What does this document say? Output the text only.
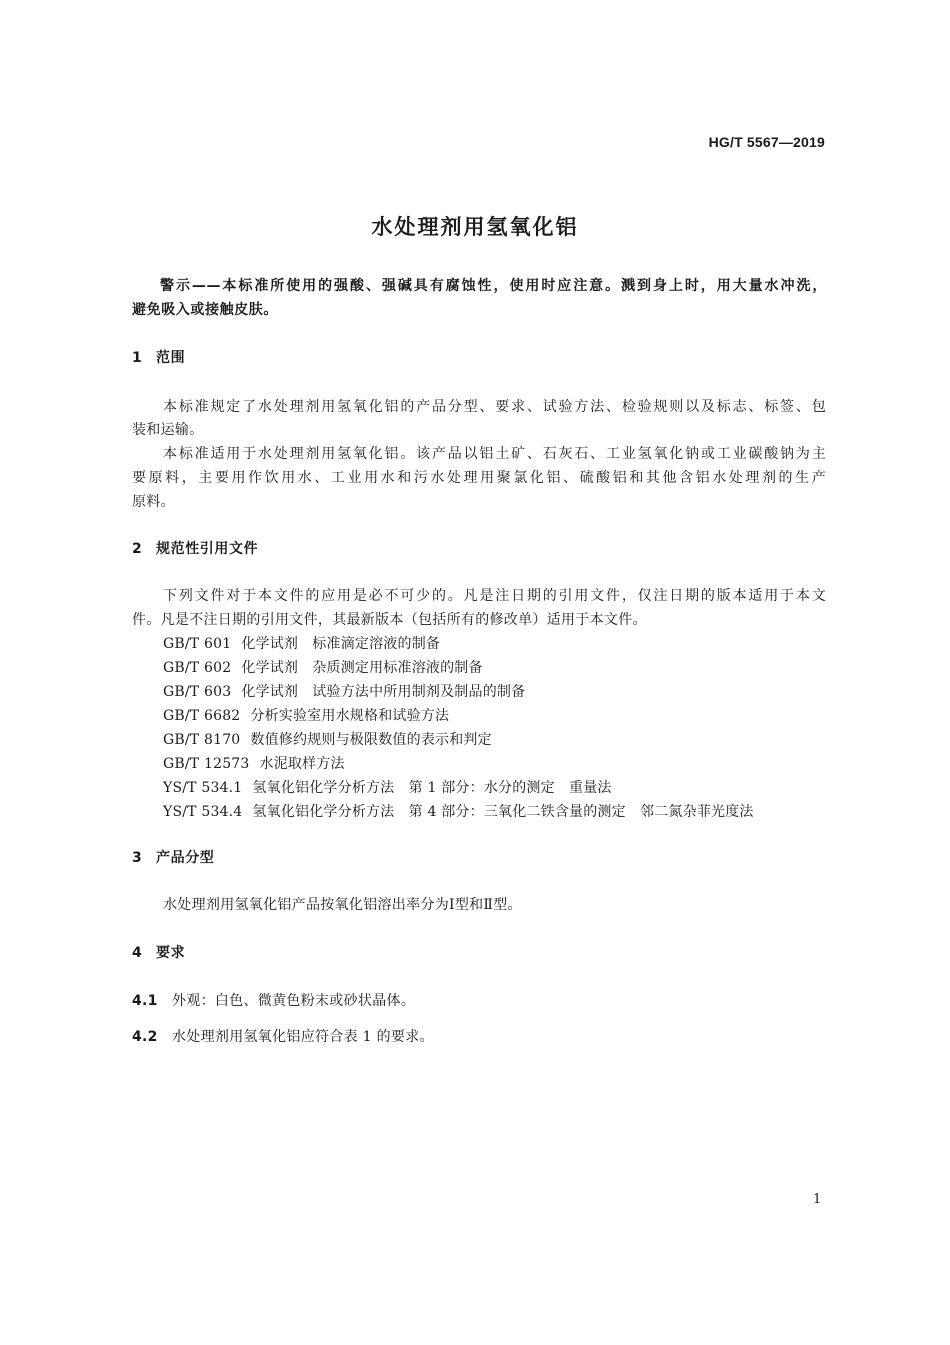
HG/T 5567—2019
水处理剂用氢氧化铝
警示——本标准所使用的强酸、强碱具有腐蚀性，使用时应注意。溅到身上时，用大量水冲洗，
避免吸入或接触皮肤。
1 范围
本标准规定了水处理剂用氢氧化铝的产品分型、要求、试验方法、检验规则以及标志、标签、包
装和运输。
本标准适用于水处理剂用氢氧化铝。该产品以铝土矿、石灰石、工业氢氧化钠或工业碳酸钠为主
要原料，主要用作饮用水、工业用水和污水处理用聚氯化铝、硫酸铝和其他含铝水处理剂的生产
原料。
2 规范性引用文件
下列文件对于本文件的应用是必不可少的。凡是注日期的引用文件，仅注日期的版本适用于本文
件。凡是不注日期的引用文件，其最新版本（包括所有的修改单）适用于本文件。
GB/T 601 化学试剂　标准滴定溶液的制备
GB/T 602 化学试剂　杂质测定用标准溶液的制备
GB/T 603 化学试剂　试验方法中所用制剂及制品的制备
GB/T 6682 分析实验室用水规格和试验方法
GB/T 8170 数值修约规则与极限数值的表示和判定
GB/T 12573 水泥取样方法
YS/T 534.1 氢氧化铝化学分析方法　第 1 部分：水分的测定　重量法
YS/T 534.4 氢氧化铝化学分析方法　第 4 部分：三氧化二铁含量的测定　邻二氮杂菲光度法
3 产品分型
水处理剂用氢氧化铝产品按氧化铝溶出率分为Ⅰ型和Ⅱ型。
4 要求
4.1 外观：白色、微黄色粉末或砂状晶体。
4.2 水处理剂用氢氧化铝应符合表 1 的要求。
1
